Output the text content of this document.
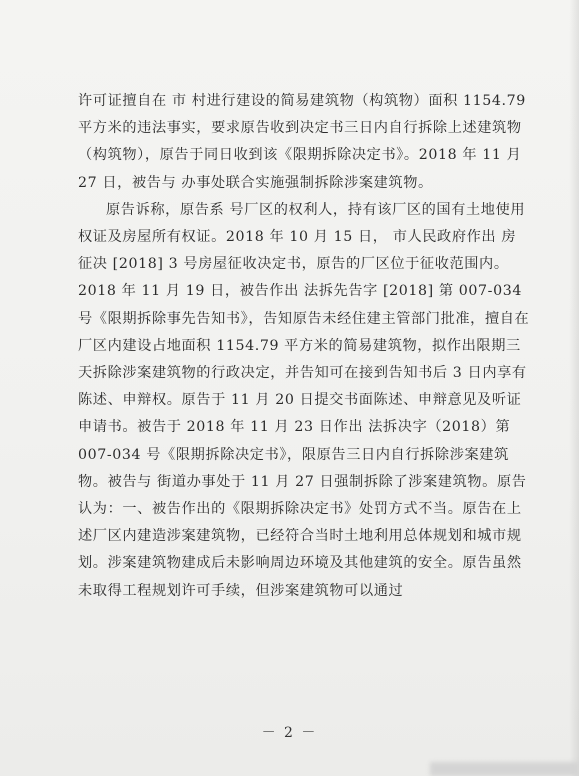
许可证擅自在 市 村进行建设的简易建筑物（构筑物）面积 1154.79 平方米的违法事实，要求原告收到决定书三日内自行拆除上述建筑物（构筑物），原告于同日收到该《限期拆除决定书》。2018 年 11 月 27 日，被告与 办事处联合实施强制拆除涉案建筑物。

原告诉称，原告系 号厂区的权利人，持有该厂区的国有土地使用权证及房屋所有权证。2018 年 10 月 15 日， 市人民政府作出 房征决 [2018] 3 号房屋征收决定书，原告的厂区位于征收范围内。2018 年 11 月 19 日，被告作出 法拆先告字 [2018] 第 007-034 号《限期拆除事先告知书》，告知原告未经住建主管部门批准，擅自在厂区内建设占地面积 1154.79 平方米的简易建筑物，拟作出限期三天拆除涉案建筑物的行政决定，并告知可在接到告知书后 3 日内享有陈述、申辩权。原告于 11 月 20 日提交书面陈述、申辩意见及听证申请书。被告于 2018 年 11 月 23 日作出 法拆决字（2018）第 007-034 号《限期拆除决定书》，限原告三日内自行拆除涉案建筑物。被告与 街道办事处于 11 月 27 日强制拆除了涉案建筑物。原告认为：一、被告作出的《限期拆除决定书》处罚方式不当。原告在上述厂区内建造涉案建筑物，已经符合当时土地利用总体规划和城市规划。涉案建筑物建成后未影响周边环境及其他建筑的安全。原告虽然未取得工程规划许可手续，但涉案建筑物可以通过

－ 2 －
